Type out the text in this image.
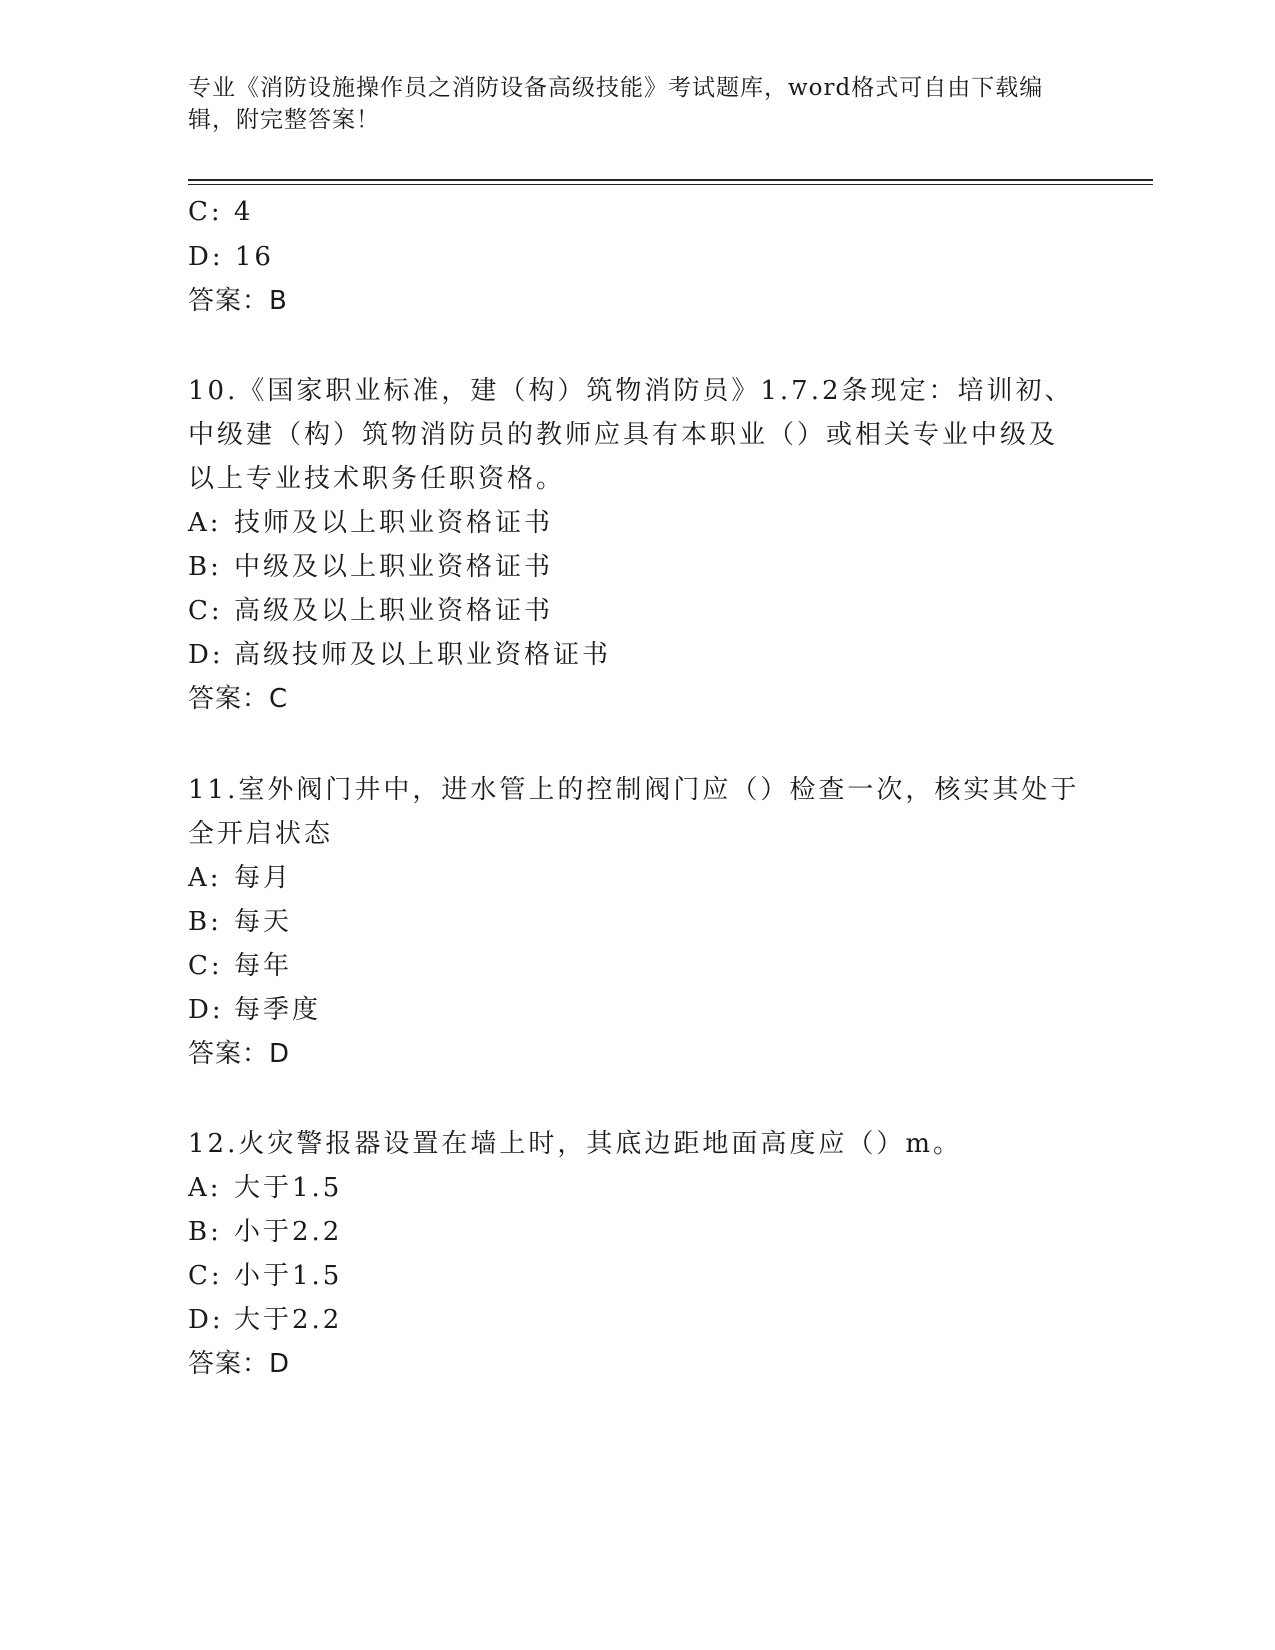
专业《消防设施操作员之消防设备高级技能》考试题库，word格式可自由下载编辑，附完整答案！
C: 4
D: 16
答案：B
10.《国家职业标准，建（构）筑物消防员》1.7.2条现定：培训初、
中级建（构）筑物消防员的教师应具有本职业（）或相关专业中级及
以上专业技术职务任职资格。
A: 技师及以上职业资格证书
B: 中级及以上职业资格证书
C: 高级及以上职业资格证书
D: 高级技师及以上职业资格证书
答案：C
11.室外阀门井中，进水管上的控制阀门应（）检查一次，核实其处于
全开启状态
A: 每月
B: 每天
C: 每年
D: 每季度
答案：D
12.火灾警报器设置在墙上时，其底边距地面高度应（）m。
A: 大于1.5
B: 小于2.2
C: 小于1.5
D: 大于2.2
答案：D
